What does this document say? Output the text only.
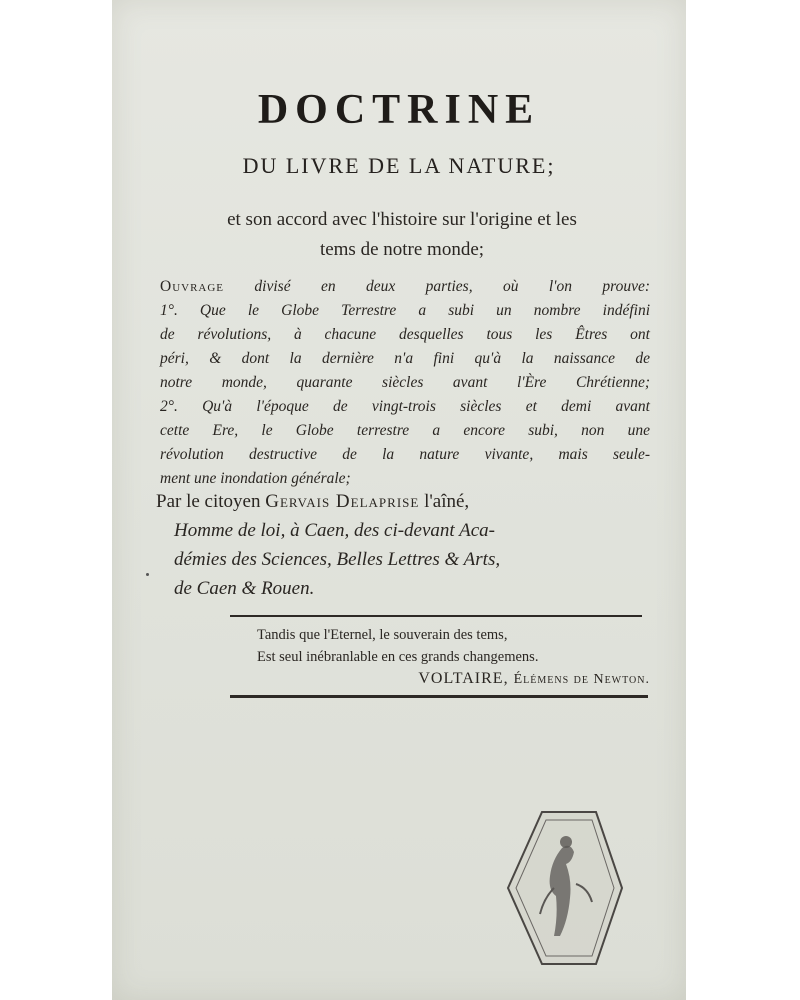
DOCTRINE
DU LIVRE DE LA NATURE;
et son accord avec l'histoire sur l'origine et les
tems de notre monde;
Ouvrage divisé en deux parties, où l'on prouve:
1°. Que le Globe Terrestre a subi un nombre indéfini
de révolutions, à chacune desquelles tous les Êtres ont
péri, & dont la dernière n'a fini qu'à la naissance de
notre monde, quarante siècles avant l'Ère Chrétienne;
2°. Qu'à l'époque de vingt-trois siècles et demi avant
cette Ere, le Globe terrestre a encore subi, non une
révolution destructive de la nature vivante, mais seule-
ment une inondation générale;
Par le citoyen Gervais Delaprise l'aîné,
Homme de loi, à Caen, des ci-devant Aca-
démies des Sciences, Belles Lettres & Arts,
de Caen & Rouen.
Tandis que l'Eternel, le souverain des tems,
Est seul inébranlable en ces grands changemens.
VOLTAIRE, Élémens de Newton.
